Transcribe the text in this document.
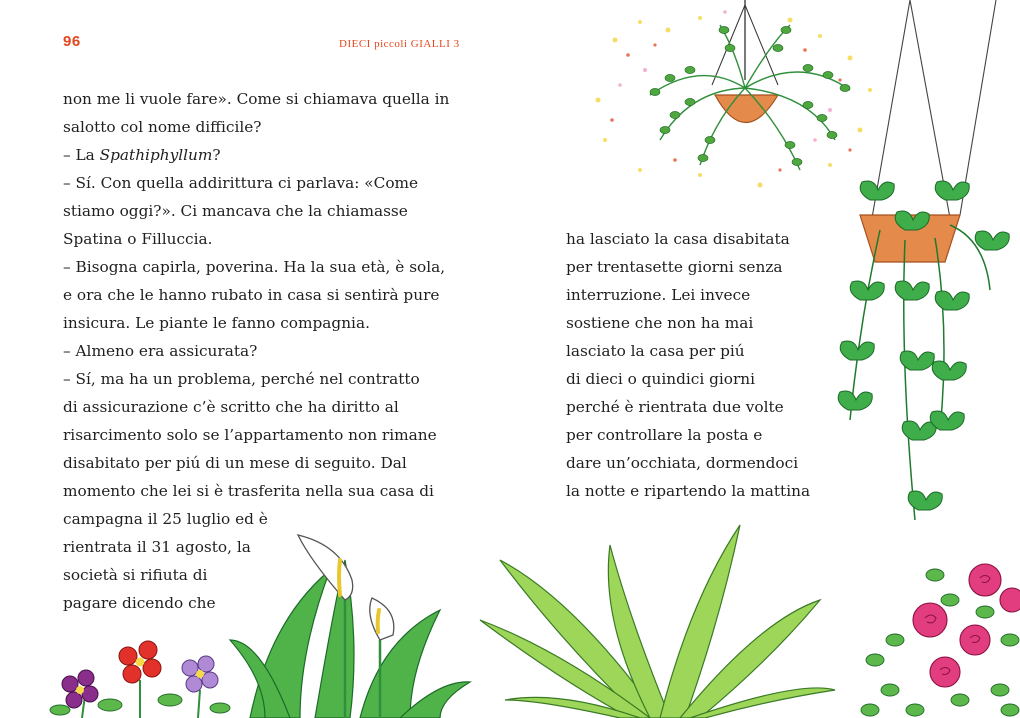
96	DIECI piccoli GIALLI 3
non me li vuole fare». Come si chiamava quella in
salotto col nome difficile?
– La Spathiphyllum?
– Sí. Con quella addirittura ci parlava: «Come
stiamo oggi?». Ci mancava che la chiamasse
Spatina o Filluccia.
– Bisogna capirla, poverina. Ha la sua età, è sola,
e ora che le hanno rubato in casa si sentirà pure
insicura. Le piante le fanno compagnia.
– Almeno era assicurata?
– Sí, ma ha un problema, perché nel contratto
di assicurazione c’è scritto che ha diritto al
risarcimento solo se l’appartamento non rimane
disabitato per piú di un mese di seguito. Dal
momento che lei si è trasferita nella sua casa di
campagna il 25 luglio ed è
rientrata il 31 agosto, la
società si rifiuta di
pagare dicendo che
ha lasciato la casa disabitata
per trentasette giorni senza
interruzione. Lei invece
sostiene che non ha mai
lasciato la casa per piú
di dieci o quindici giorni
perché è rientrata due volte
per controllare la posta e
dare un’occhiata, dormendoci
la notte e ripartendo la mattina
